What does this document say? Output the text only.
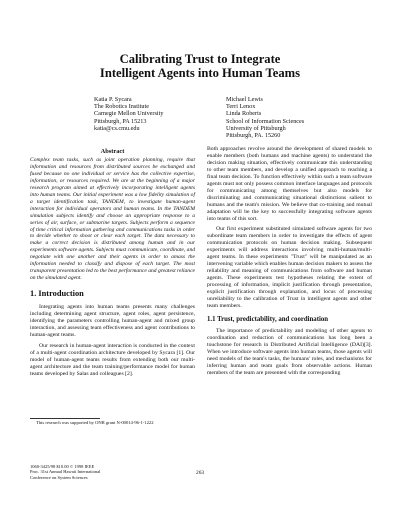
Calibrating Trust to Integrate
Intelligent Agents into Human Teams
Katia P. Sycara
The Robotics Institute
Carnegie Mellon University
Pittsburgh, PA 15213
katia@cs.cmu.edu
Michael Lewis
Terri Lenox
Linda Roberts
School of Information Sciences
University of Pittsburgh
Pittsburgh, PA. 15260
Abstract
Complex team tasks, such as joint operation planning, require that information and resources from distributed sources be exchanged and fused because no one individual or service has the collective expertise, information, or resources required. We are at the beginning of a major research program aimed at effectively incorporating intelligent agents into human teams. Our initial experiment was a low fidelity simulation of a target identification task, TANDEM, to investigate human-agent interaction for individual operators and human teams. In the TANDEM simulation subjects identify and choose an appropriate response to a series of air, surface, or submarine targets. Subjects perform a sequence of time critical information gathering and communications tasks in order to decide whether to shoot or clear each target. The data necessary to make a correct decision is distributed among human and in our experiments software agents. Subjects must communicate, coordinate, and negotiate with one another and their agents in order to amass the information needed to classify and dispose of each target. The most transparent presentation led to the best performance and greatest reliance on the simulated agent.
1. Introduction
Integrating agents into human teams presents many challenges including determining agent structure, agent roles, agent persistence, identifying the parameters controlling human-agent and mixed group interaction, and assessing team effectiveness and agent contributions to human-agent teams.
Our research in human-agent interaction is conducted in the context of a multi-agent coordination architecture developed by Sycara [1]. Our model of human-agent teams results from extending both our multi-agent architecture and the team training/performance model for human teams developed by Salas and colleagues [2].
Both approaches revolve around the development of shared models to enable members (both humans and machine agents) to understand the decision making situation, effectively communicate this understanding to other team members, and develop a unified approach to reaching a final team decision. To function effectively within such a team software agents must not only possess common interface languages and protocols for communicating among themselves but also models for discriminating and communicating situational distinctions salient to humans and the team's mission. We believe that co-training and mutual adaptation will be the key to successfully integrating software agents into teams of this sort.
Our first experiment substituted simulated software agents for two subordinate team members in order to investigate the effects of agent communication protocols on human decision making. Subsequent experiments will address interactions involving multi-human/multi-agent teams. In these experiments "Trust" will be manipulated as an intervening variable which enables human decision makers to assess the reliability and meaning of communications from software and human agents. These experiments test hypotheses relating the extent of processing of information, implicit justification through presentation, explicit justification through explanation, and locus of processing unreliability to the calibration of Trust in intelligent agents and other team members.
1.1 Trust, predictability, and coordination
The importance of predictability and modeling of other agents to coordination and reduction of communications has long been a touchstone for research in Distributed Artificial Intelligence (DAI)[3]. When we introduce software agents into human teams, those agents will need models of the team's tasks, the humans' roles, and mechanisms for inferring human and team goals from observable actions. Human members of the team are presented with the corresponding
This research was supported by ONR grant N-00014-96-1-1222
1060-3425/98 $10.00 © 1998 IEEE
Proc. 31st Annual Hawaii International
Conference on System Sciences
263
